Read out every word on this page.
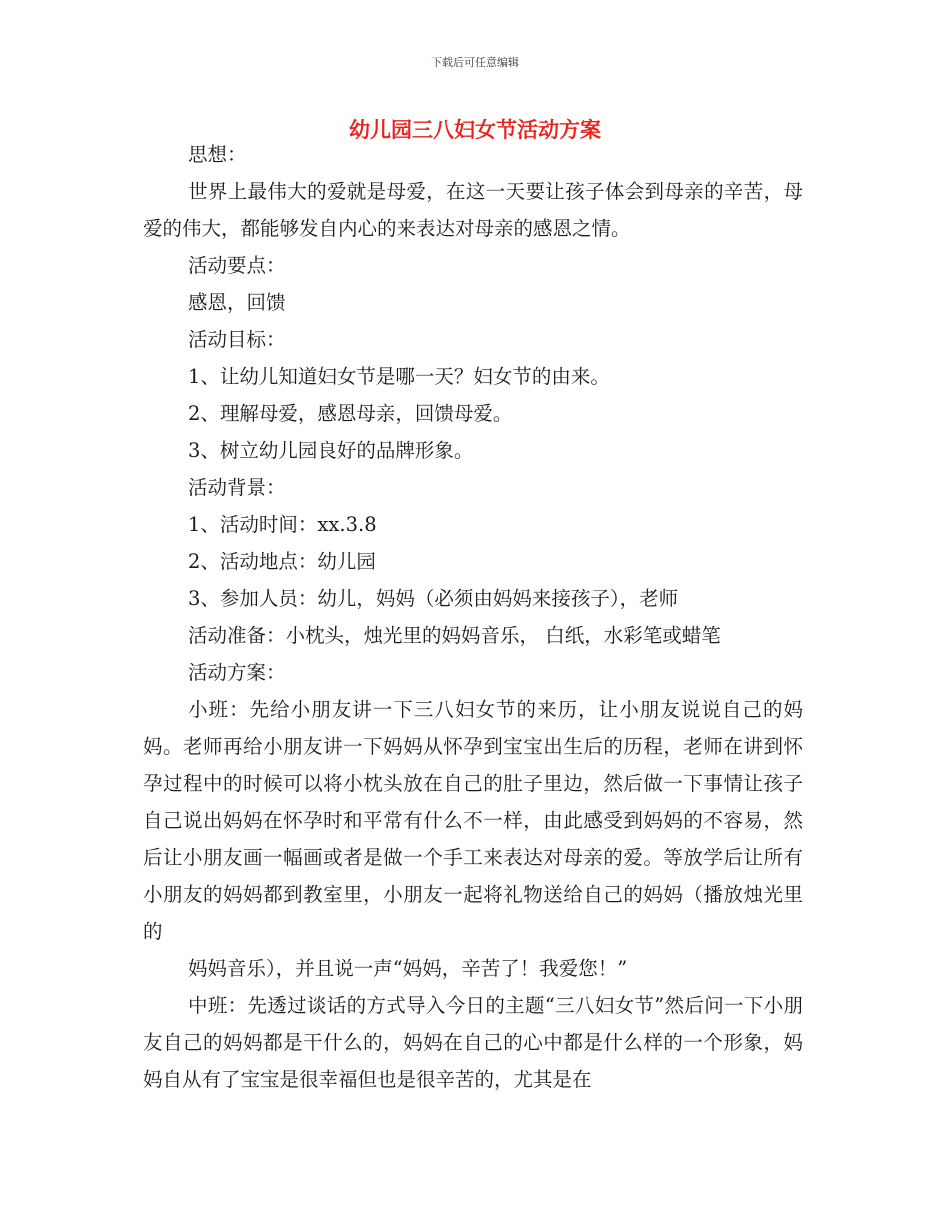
下载后可任意编辑
幼儿园三八妇女节活动方案

思想：

世界上最伟大的爱就是母爱，在这一天要让孩子体会到母亲的辛苦，母爱的伟大，都能够发自内心的来表达对母亲的感恩之情。

活动要点：

感恩，回馈

活动目标：

1、让幼儿知道妇女节是哪一天？妇女节的由来。

2、理解母爱，感恩母亲，回馈母爱。

3、树立幼儿园良好的品牌形象。

活动背景：

1、活动时间：xx.3.8

2、活动地点：幼儿园

3、参加人员：幼儿，妈妈（必须由妈妈来接孩子），老师

活动准备：小枕头，烛光里的妈妈音乐， 白纸，水彩笔或蜡笔

活动方案：

小班：先给小朋友讲一下三八妇女节的来历，让小朋友说说自己的妈妈。老师再给小朋友讲一下妈妈从怀孕到宝宝出生后的历程，老师在讲到怀孕过程中的时候可以将小枕头放在自己的肚子里边，然后做一下事情让孩子自己说出妈妈在怀孕时和平常有什么不一样，由此感受到妈妈的不容易，然后让小朋友画一幅画或者是做一个手工来表达对母亲的爱。等放学后让所有小朋友的妈妈都到教室里，小朋友一起将礼物送给自己的妈妈（播放烛光里的

妈妈音乐），并且说一声“妈妈，辛苦了！我爱您！”

中班：先透过谈话的方式导入今日的主题“三八妇女节”然后问一下小朋友自己的妈妈都是干什么的，妈妈在自己的心中都是什么样的一个形象，妈妈自从有了宝宝是很幸福但也是很辛苦的，尤其是在
